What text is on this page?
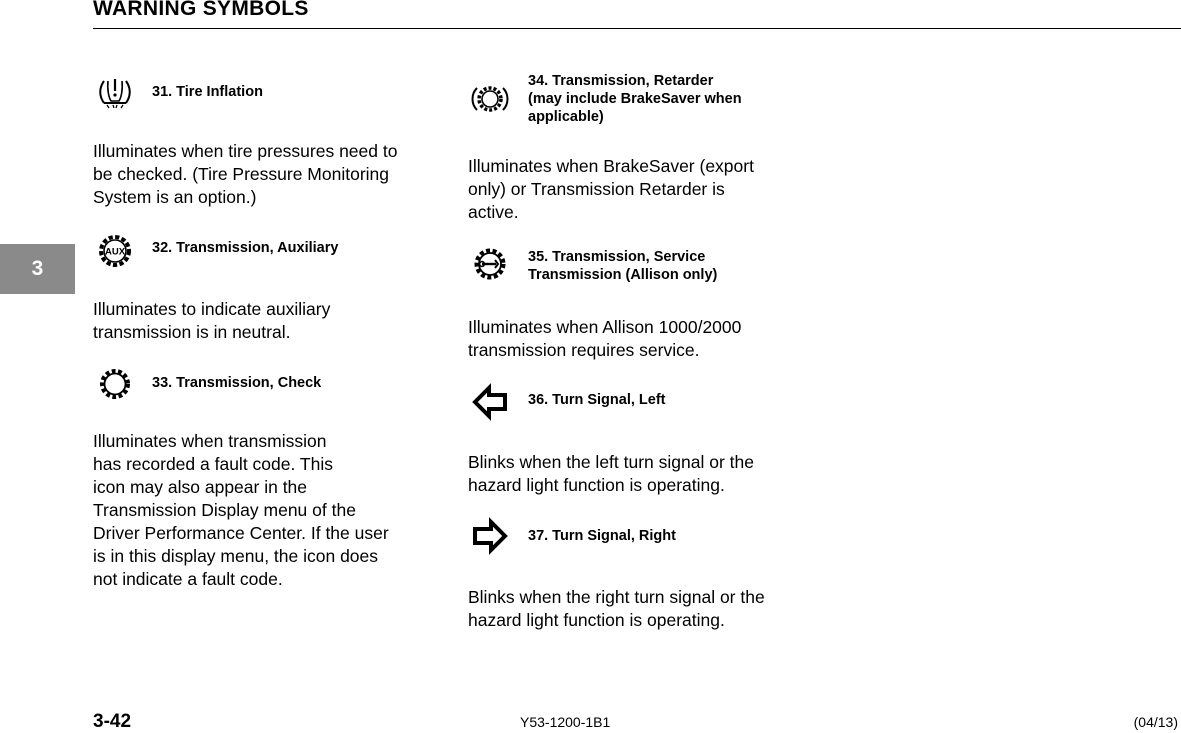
WARNING SYMBOLS
3
31. Tire Inflation
Illuminates when tire pressures need to
be checked. (Tire Pressure Monitoring
System is an option.)
AUX 32. Transmission, Auxiliary
Illuminates to indicate auxiliary
transmission is in neutral.
33. Transmission, Check
Illuminates when transmission
has recorded a fault code. This
icon may also appear in the
Transmission Display menu of the
Driver Performance Center. If the user
is in this display menu, the icon does
not indicate a fault code.
34. Transmission, Retarder
(may include BrakeSaver when
applicable)
Illuminates when BrakeSaver (export
only) or Transmission Retarder is
active.
35. Transmission, Service
Transmission (Allison only)
Illuminates when Allison 1000/2000
transmission requires service.
36. Turn Signal, Left
Blinks when the left turn signal or the
hazard light function is operating.
37. Turn Signal, Right
Blinks when the right turn signal or the
hazard light function is operating.
3-42	Y53-1200-1B1	(04/13)
